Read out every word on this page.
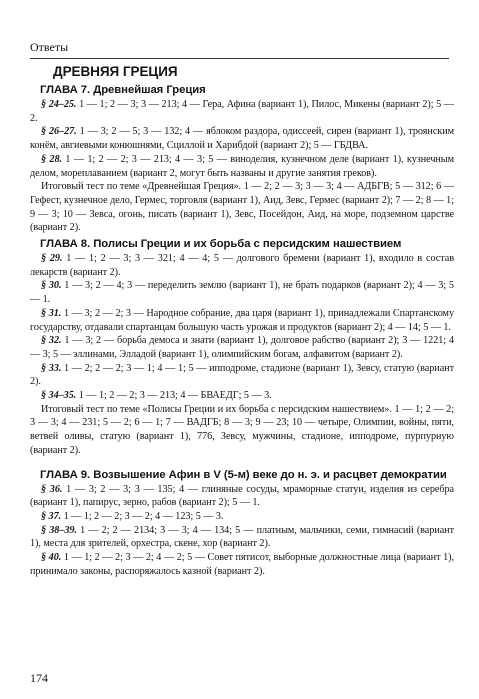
Ответы
ДРЕВНЯЯ ГРЕЦИЯ
ГЛАВА 7. Древнейшая Греция

§ 24–25. 1 — 1; 2 — 3; 3 — 213; 4 — Гера, Афина (вариант 1), Пилос, Микены (вариант 2); 5 — 2.

§ 26–27. 1 — 3; 2 — 5; 3 — 132; 4 — яблоком раздора, одиссеей, сирен (вариант 1), троянским конём, авгиевыми конюшнями, Сциллой и Харибдой (вариант 2); 5 — ГБДВА.

§ 28. 1 — 1; 2 — 2; 3 — 213; 4 — 3; 5 — виноделия, кузнечном деле (вариант 1), кузнечным делом, мореплаванием (вариант 2, могут быть названы и другие занятия греков).

Итоговый тест по теме «Древнейшая Греция». 1 — 2; 2 — 3; 3 — 3; 4 — АДБГВ; 5 — 312; 6 — Гефест, кузнечное дело, Гермес, торговля (вариант 1), Аид, Зевс, Гермес (вариант 2); 7 — 2; 8 — 1; 9 — 3; 10 — Зевса, огонь, писать (вариант 1), Зевс, Посейдон, Аид, на море, подземном царстве (вариант 2).

ГЛАВА 8. Полисы Греции и их борьба с персидским нашествием

§ 29. 1 — 1; 2 — 3; 3 — 321; 4 — 4; 5 — долгового бремени (вариант 1), входило в состав лекарств (вариант 2).

§ 30. 1 — 3; 2 — 4; 3 — переделить землю (вариант 1), не брать подарков (вариант 2); 4 — 3; 5 — 1.

§ 31. 1 — 3; 2 — 2; 3 — Народное собрание, два царя (вариант 1), принадлежали Спартанскому государству, отдавали спартанцам большую часть урожая и продуктов (вариант 2); 4 — 14; 5 — 1.

§ 32. 1 — 3; 2 — борьба демоса и знати (вариант 1), долговое рабство (вариант 2); 3 — 1221; 4 — 3; 5 — эллинами, Элладой (вариант 1), олимпийским богам, алфавитом (вариант 2).

§ 33. 1 — 2; 2 — 2; 3 — 1; 4 — 1; 5 — ипподроме, стадионе (вариант 1), Зевсу, статую (вариант 2).

§ 34–35. 1 — 1; 2 — 2; 3 — 213; 4 — БВАЕДГ; 5 — 3.

Итоговый тест по теме «Полисы Греции и их борьба с персидским нашествием». 1 — 1; 2 — 2; 3 — 3; 4 — 231; 5 — 2; 6 — 1; 7 — ВАДГБ; 8 — 3; 9 — 23; 10 — четыре, Олимпии, войны, пяти, ветвей оливы, статую (вариант 1), 776, Зевсу, мужчины, стадионе, ипподроме, пурпурную (вариант 2).

ГЛАВА 9. Возвышение Афин в V (5-м) веке до н. э. и расцвет демократии

§ 36. 1 — 3; 2 — 3; 3 — 135; 4 — глиняные сосуды, мраморные статуи, изделия из серебра (вариант 1), папирус, зерно, рабов (вариант 2); 5 — 1.

§ 37. 1 — 1; 2 — 2; 3 — 2; 4 — 123; 5 — 3.

§ 38–39. 1 — 2; 2 — 2134; 3 — 3; 4 — 134; 5 — платным, мальчики, семи, гимнасий (вариант 1), места для зрителей, орхестра, скене, хор (вариант 2).

§ 40. 1 — 1; 2 — 2; 3 — 2; 4 — 2; 5 — Совет пятисот, выборные должностные лица (вариант 1), принимало законы, распоряжалось казной (вариант 2).

174
